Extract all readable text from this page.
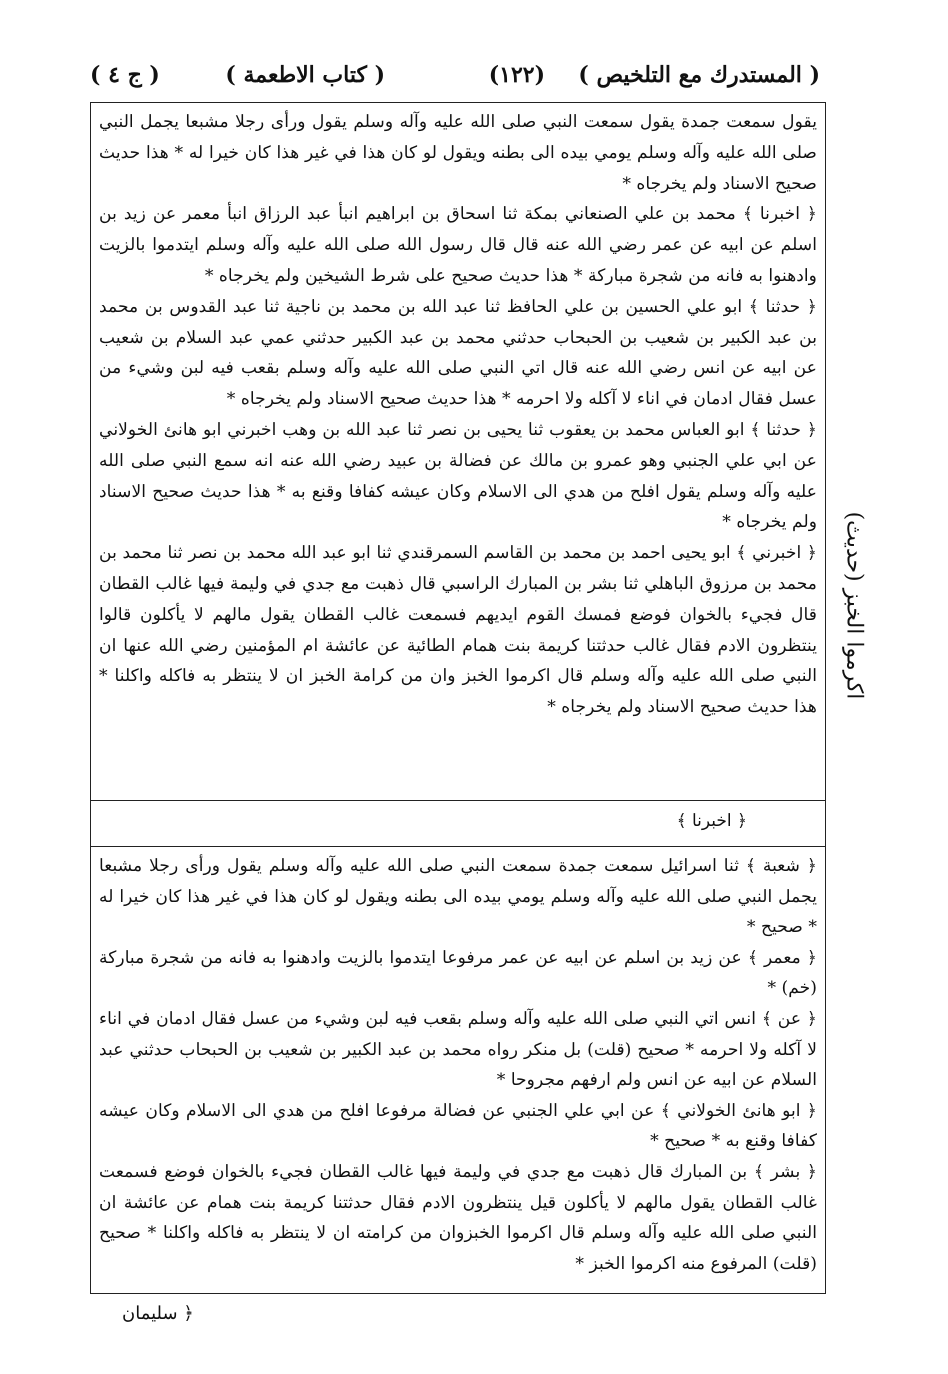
( المستدرك مع التلخيص )
(١٢٢)
( كتاب الاطعمة )
( ج ٤ )

يقول سمعت جمدة يقول سمعت النبي صلى الله عليه وآله وسلم يقول ورأى رجلا مشبعا يجمل النبي صلى الله عليه وآله وسلم يومي بيده الى بطنه ويقول لو كان هذا في غير هذا كان خيرا له * هذا حديث صحيح الاسناد ولم يخرجاه *

﴿ اخبرنا ﴾ محمد بن علي الصنعاني بمكة ثنا اسحاق بن ابراهيم انبأ عبد الرزاق انبأ معمر عن زيد بن اسلم عن ابيه عن عمر رضي الله عنه قال قال رسول الله صلى الله عليه وآله وسلم ايتدموا بالزيت وادهنوا به فانه من شجرة مباركة * هذا حديث صحيح على شرط الشيخين ولم يخرجاه *

﴿ حدثنا ﴾ ابو علي الحسين بن علي الحافظ ثنا عبد الله بن محمد بن ناجية ثنا عبد القدوس بن محمد بن عبد الكبير بن شعيب بن الحبحاب حدثني محمد بن عبد الكبير حدثني عمي عبد السلام بن شعيب عن ابيه عن انس رضي الله عنه قال اتي النبي صلى الله عليه وآله وسلم بقعب فيه لبن وشيء من عسل فقال ادمان في اناء لا آكله ولا احرمه * هذا حديث صحيح الاسناد ولم يخرجاه *

﴿ حدثنا ﴾ ابو العباس محمد بن يعقوب ثنا يحيى بن نصر ثنا عبد الله بن وهب اخبرني ابو هانئ الخولاني عن ابي علي الجنبي وهو عمرو بن مالك عن فضالة بن عبيد رضي الله عنه انه سمع النبي صلى الله عليه وآله وسلم يقول افلح من هدي الى الاسلام وكان عيشه كفافا وقنع به * هذا حديث صحيح الاسناد ولم يخرجاه *

﴿ اخبرني ﴾ ابو يحيى احمد بن محمد بن القاسم السمرقندي ثنا ابو عبد الله محمد بن نصر ثنا محمد بن محمد بن مرزوق الباهلي ثنا بشر بن المبارك الراسبي قال ذهبت مع جدي في وليمة فيها غالب القطان قال فجيء بالخوان فوضع فمسك القوم ايديهم فسمعت غالب القطان يقول مالهم لا يأكلون قالوا ينتظرون الادم فقال غالب حدثتنا كريمة بنت همام الطائية عن عائشة ام المؤمنين رضي الله عنها ان النبي صلى الله عليه وآله وسلم قال اكرموا الخبز وان من كرامة الخبز ان لا ينتظر به فاكله واكلنا * هذا حديث صحيح الاسناد ولم يخرجاه *

﴿ اخبرنا ﴾

﴿ شعبة ﴾ ثنا اسرائيل سمعت جمدة سمعت النبي صلى الله عليه وآله وسلم يقول ورأى رجلا مشبعا يجمل النبي صلى الله عليه وآله وسلم يومي بيده الى بطنه ويقول لو كان هذا في غير هذا كان خيرا له * صحيح *

﴿ معمر ﴾ عن زيد بن اسلم عن ابيه عن عمر مرفوعا ايتدموا بالزيت وادهنوا به فانه من شجرة مباركة (خم) *

﴿ عن ﴾ انس اتي النبي صلى الله عليه وآله وسلم بقعب فيه لبن وشيء من عسل فقال ادمان في اناء لا آكله ولا احرمه * صحيح (قلت) بل منكر رواه محمد بن عبد الكبير بن شعيب بن الحبحاب حدثني عبد السلام عن ابيه عن انس ولم ارفهم مجروحا *

﴿ ابو هانئ الخولاني ﴾ عن ابي علي الجنبي عن فضالة مرفوعا افلح من هدي الى الاسلام وكان عيشه كفافا وقنع به * صحيح *

﴿ بشر ﴾ بن المبارك قال ذهبت مع جدي في وليمة فيها غالب القطان فجيء بالخوان فوضع فسمعت غالب القطان يقول مالهم لا يأكلون قيل ينتظرون الادم فقال حدثتنا كريمة بنت همام عن عائشة ان النبي صلى الله عليه وآله وسلم قال اكرموا الخبزوان من كرامته ان لا ينتظر به فاكله واكلنا * صحيح (قلت) المرفوع منه اكرموا الخبز *

اكرموا الخبز (حديث)
﴿ سليمان
